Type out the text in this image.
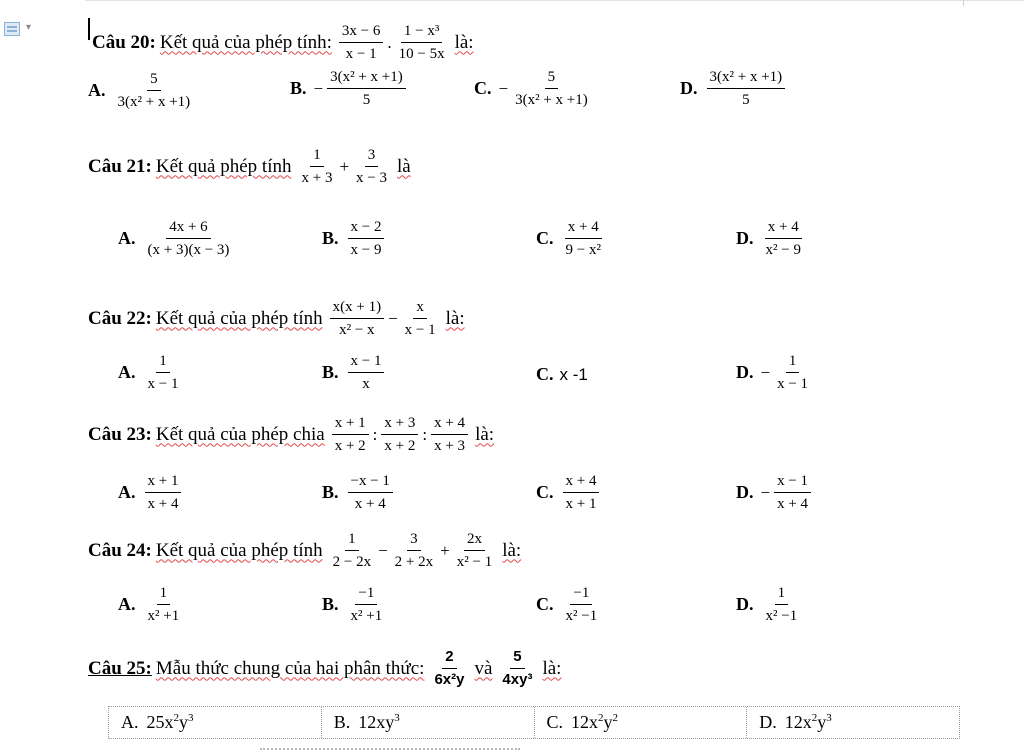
▾
Câu 20: Kết quả của phép tính: $\frac{3x - 6}{x - 1}$ . $\frac{\text{1 − x³}}{10 - 5x}$ là:
A. $\frac{5}{\text{3(x² + x +1)}}$	B. − $\frac{\text{3(x² + x +1)}}{5}$	C. − $\frac{5}{\text{3(x² + x +1)}}$	D. $\frac{\text{3(x² + x +1)}}{5}$
Câu 21: Kết quả phép tính $\frac{1}{x + 3} + \frac{3}{x - 3}$ là
A. $\frac{4x + 6}{(x + 3)(x - 3)}$	B. $\frac{x - 2}{x - 9}$	C. $\frac{x + 4}{\text{9 − x²}}$	D. $\frac{x + 4}{\text{x² − 9}}$
Câu 22: Kết quả của phép tính $\frac{x(x + 1)}{\text{x² − x}} - \frac{x}{x - 1}$ là:
A. $\frac{1}{x - 1}$	B. $\frac{x - 1}{x}$	C. x -1	D. − $\frac{1}{x - 1}$
Câu 23: Kết quả của phép chia $\frac{x + 1}{x + 2}$ : $\frac{x + 3}{x + 2}$ : $\frac{x + 4}{x + 3}$ là:
A. $\frac{x + 1}{x + 4}$	B. $\frac{-x - 1}{x + 4}$	C. $\frac{x + 4}{x + 1}$	D. − $\frac{x - 1}{x + 4}$
Câu 24: Kết quả của phép tính $\frac{1}{2 - 2x} - \frac{3}{2 + 2x} + \frac{2x}{\text{x² − 1}}$ là:
A. $\frac{1}{\text{x² +1}}$	B. $\frac{-1}{\text{x² +1}}$	C. $\frac{-1}{\text{x² −1}}$	D. $\frac{1}{\text{x² −1}}$
Câu 25: Mẫu thức chung của hai phân thức: $\frac{2}{\text{6x²y}}$ và $\frac{5}{\text{4xy³}}$ là:
A. $25x^2y^3$	B. $12xy^3$	C. $12x^2y^2$	D. $12x^2y^3$
